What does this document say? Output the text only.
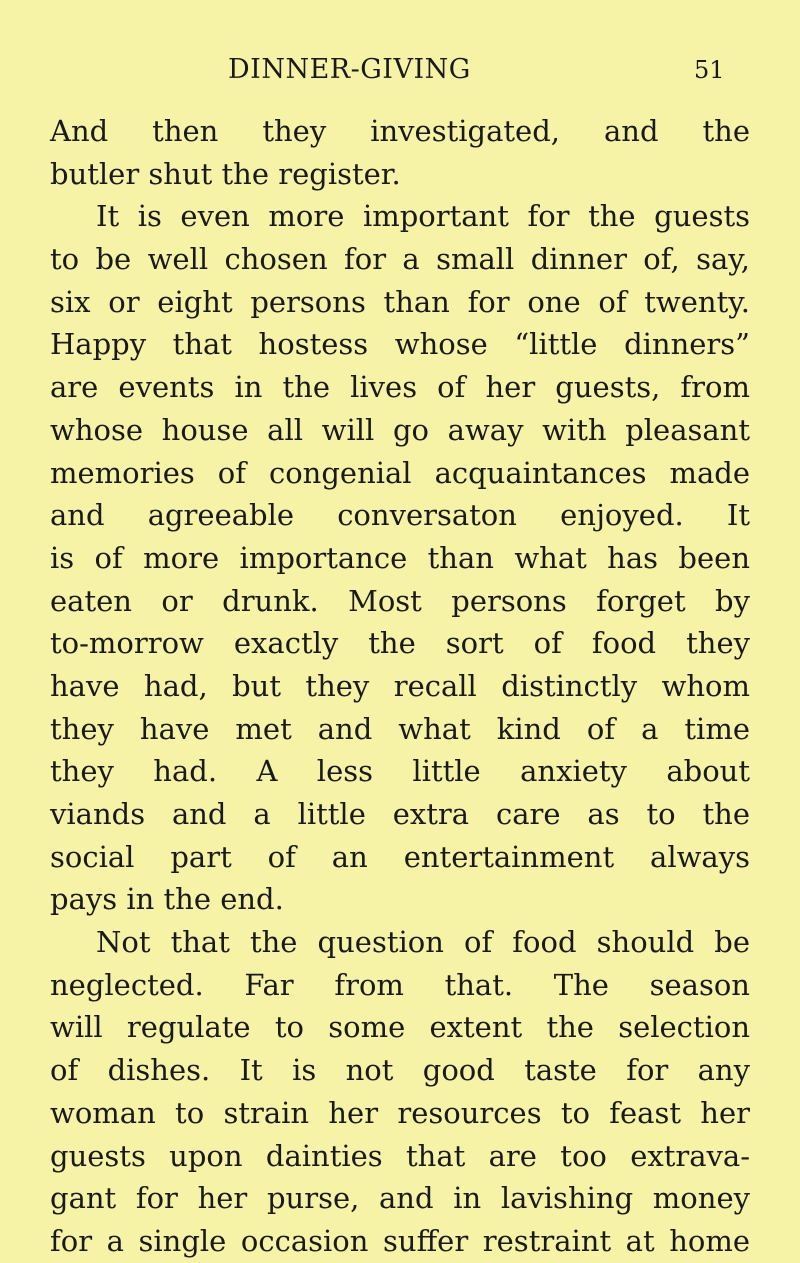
DINNER-GIVING	51
And then they investigated, and the
butler shut the register.
It is even more important for the guests
to be well chosen for a small dinner of, say,
six or eight persons than for one of twenty.
Happy that hostess whose “little dinners”
are events in the lives of her guests, from
whose house all will go away with pleasant
memories of congenial acquaintances made
and agreeable conversaton enjoyed. It
is of more importance than what has been
eaten or drunk. Most persons forget by
to-morrow exactly the sort of food they
have had, but they recall distinctly whom
they have met and what kind of a time
they had. A less little anxiety about
viands and a little extra care as to the
social part of an entertainment always
pays in the end.
Not that the question of food should be
neglected. Far from that. The season
will regulate to some extent the selection
of dishes. It is not good taste for any
woman to strain her resources to feast her
guests upon dainties that are too extrava-
gant for her purse, and in lavishing money
for a single occasion suffer restraint at home
